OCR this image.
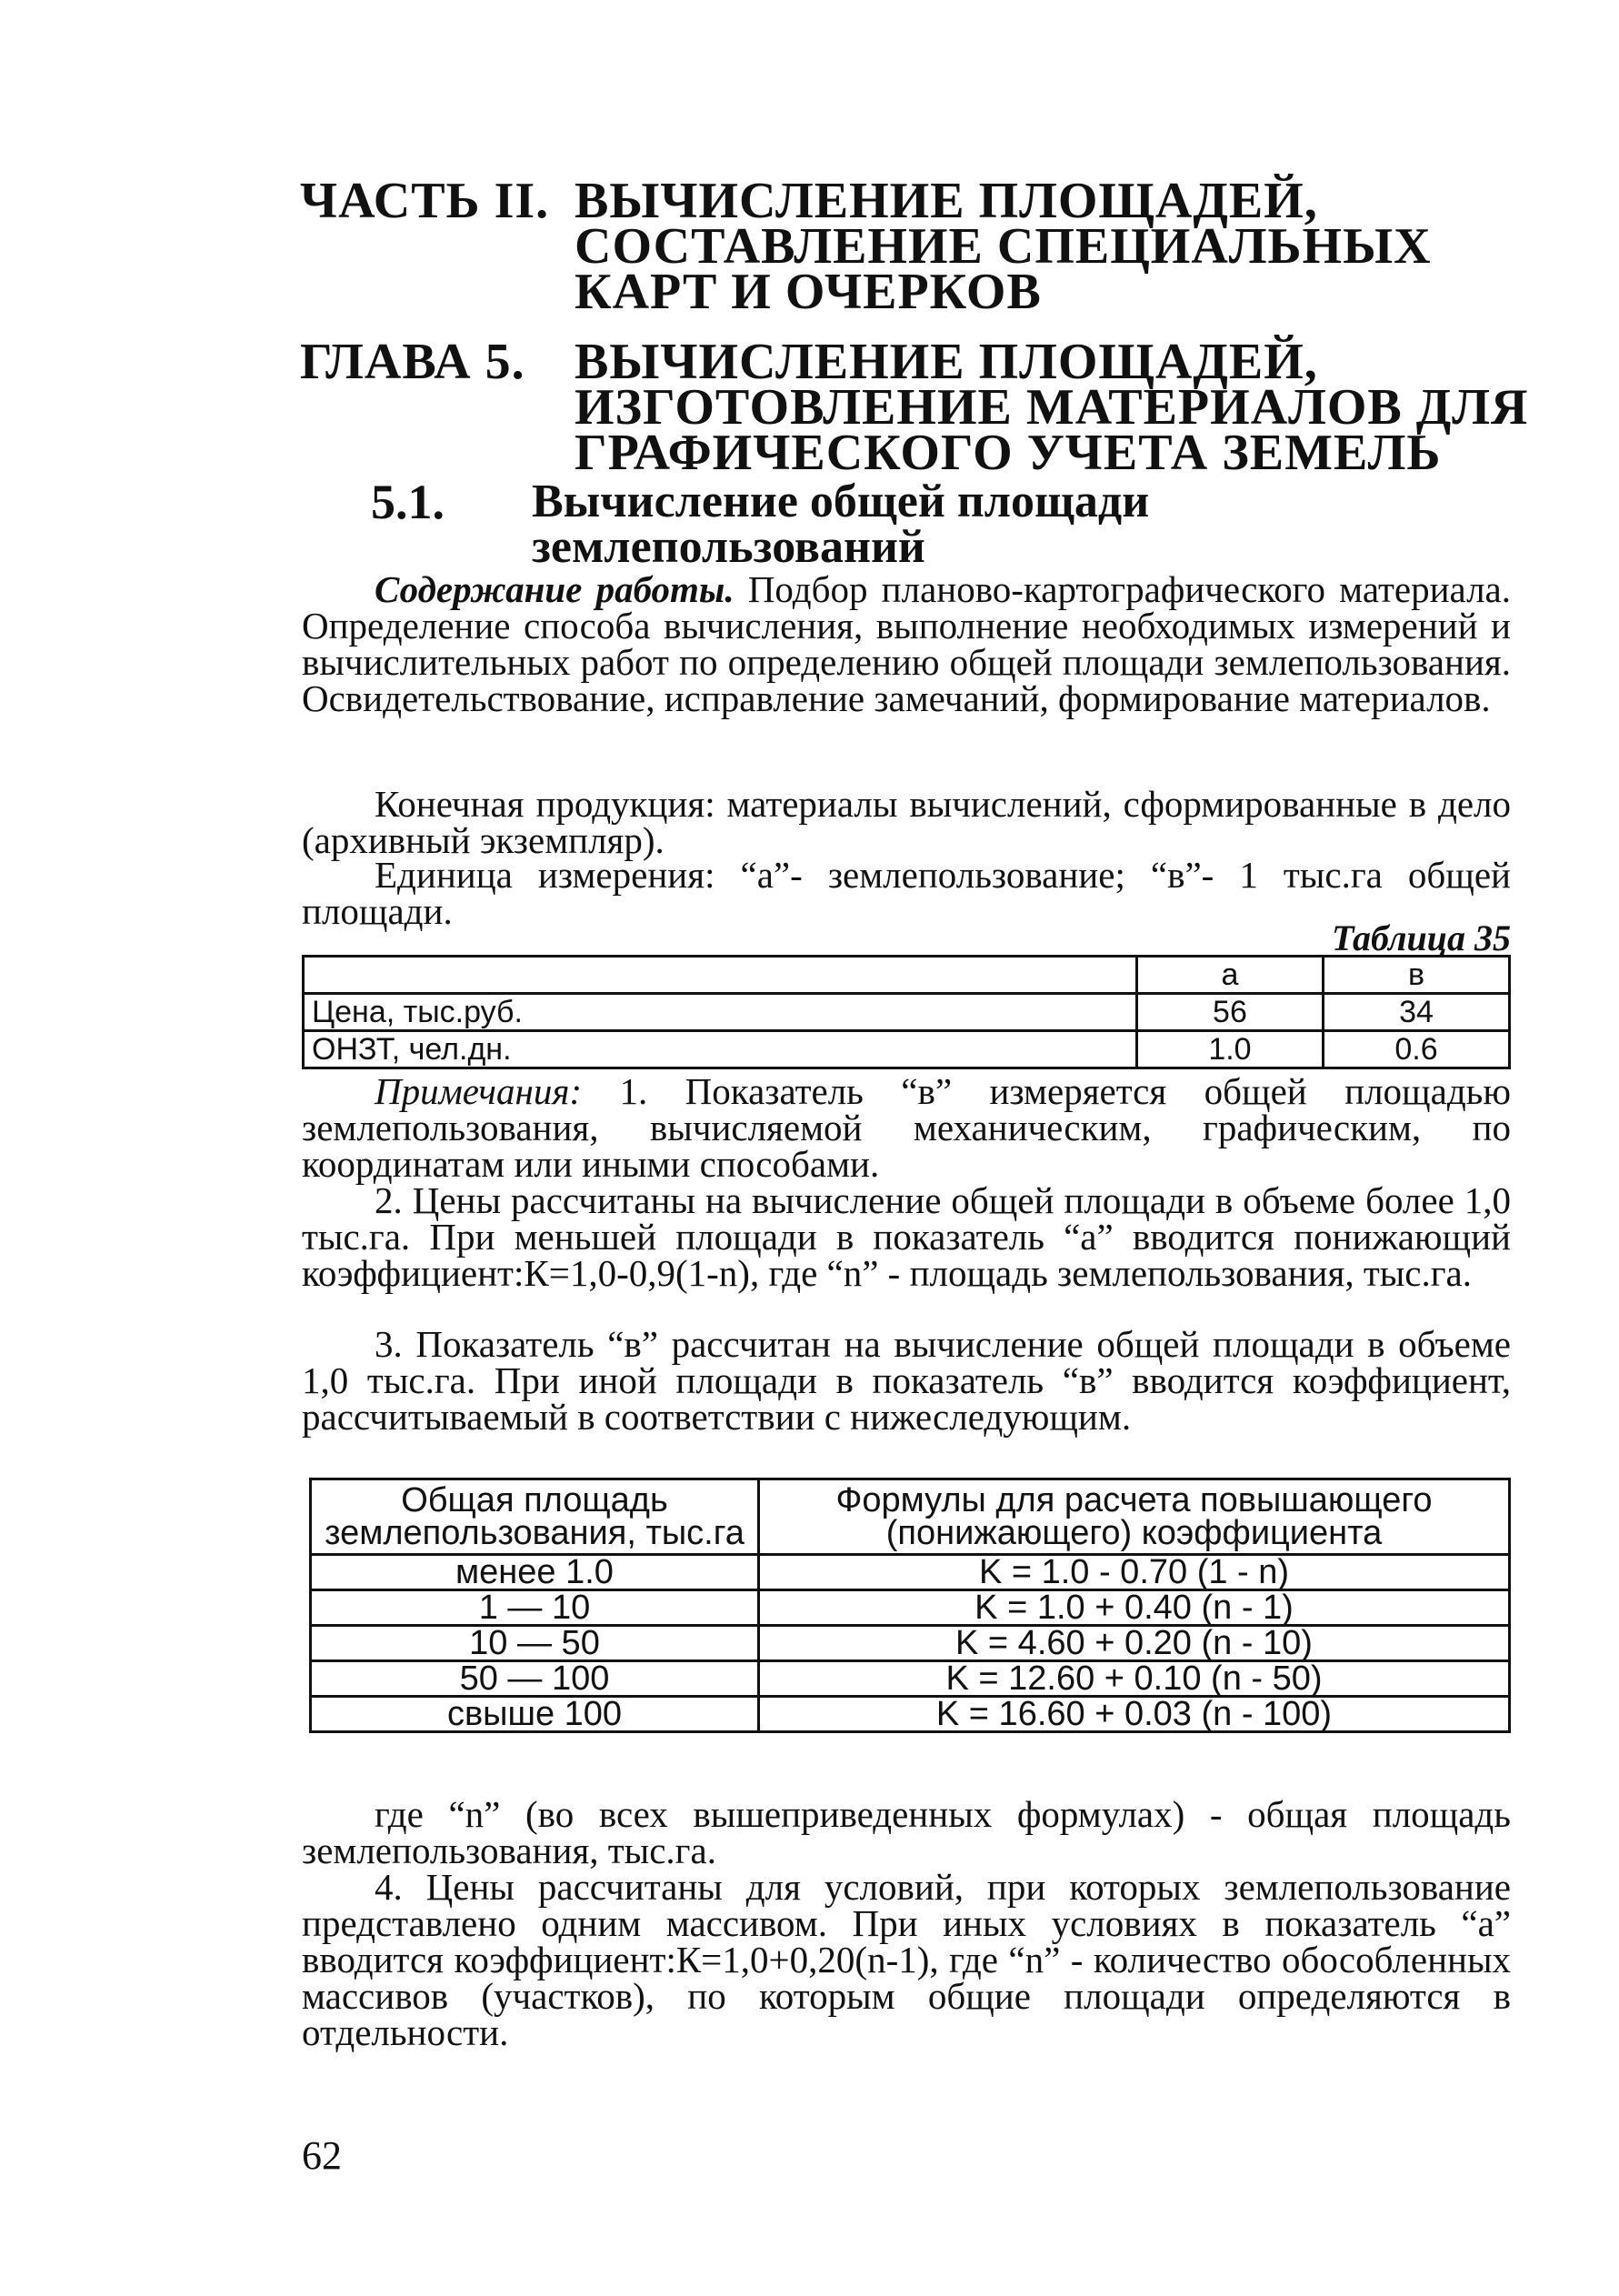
ЧАСТЬ II. ВЫЧИСЛЕНИЕ ПЛОЩАДЕЙ,
СОСТАВЛЕНИЕ СПЕЦИАЛЬНЫХ
КАРТ И ОЧЕРКОВ
ГЛАВА 5. ВЫЧИСЛЕНИЕ ПЛОЩАДЕЙ,
ИЗГОТОВЛЕНИЕ МАТЕРИАЛОВ ДЛЯ
ГРАФИЧЕСКОГО УЧЕТА ЗЕМЕЛЬ
5.1. Вычисление общей площади
землепользований

Содержание работы. Подбор планово-картографического материала. Определение способа вычисления, выполнение необходимых измерений и вычислительных работ по определению общей площади землепользования. Освидетельствование, исправление замечаний, формирование материалов.

Конечная продукция: материалы вычислений, сформированные в дело (архивный экземпляр).

Единица измерения: “а”- землепользование; “в”- 1 тыс.га общей площади.

Таблица 35
	а	в
Цена, тыс.руб.	56	34
ОНЗТ, чел.дн.	1.0	0.6

Примечания: 1. Показатель “в” измеряется общей площадью землепользования, вычисляемой механическим, графическим, по координатам или иными способами.

2. Цены рассчитаны на вычисление общей площади в объеме более 1,0 тыс.га. При меньшей площади в показатель “а” вводится понижающий коэффициент:К=1,0-0,9(1-n), где “n” - площадь землепользования, тыс.га.

3. Показатель “в” рассчитан на вычисление общей площади в объеме 1,0 тыс.га. При иной площади в показатель “в” вводится коэффициент, рассчитываемый в соответствии с нижеследующим.

Общая площадь землепользования, тыс.га	Формулы для расчета повышающего (понижающего) коэффициента
менее 1.0	K = 1.0 - 0.70 (1 - n)
1 — 10	K = 1.0 + 0.40 (n - 1)
10 — 50	K = 4.60 + 0.20 (n - 10)
50 — 100	K = 12.60 + 0.10 (n - 50)
свыше 100	K = 16.60 + 0.03 (n - 100)

где “n” (во всех вышеприведенных формулах) - общая площадь землепользования, тыс.га.

4. Цены рассчитаны для условий, при которых землепользование представлено одним массивом. При иных условиях в показатель “а” вводится коэффициент:К=1,0+0,20(n-1), где “n” - количество обособленных массивов (участков), по которым общие площади определяются в отдельности.

62
